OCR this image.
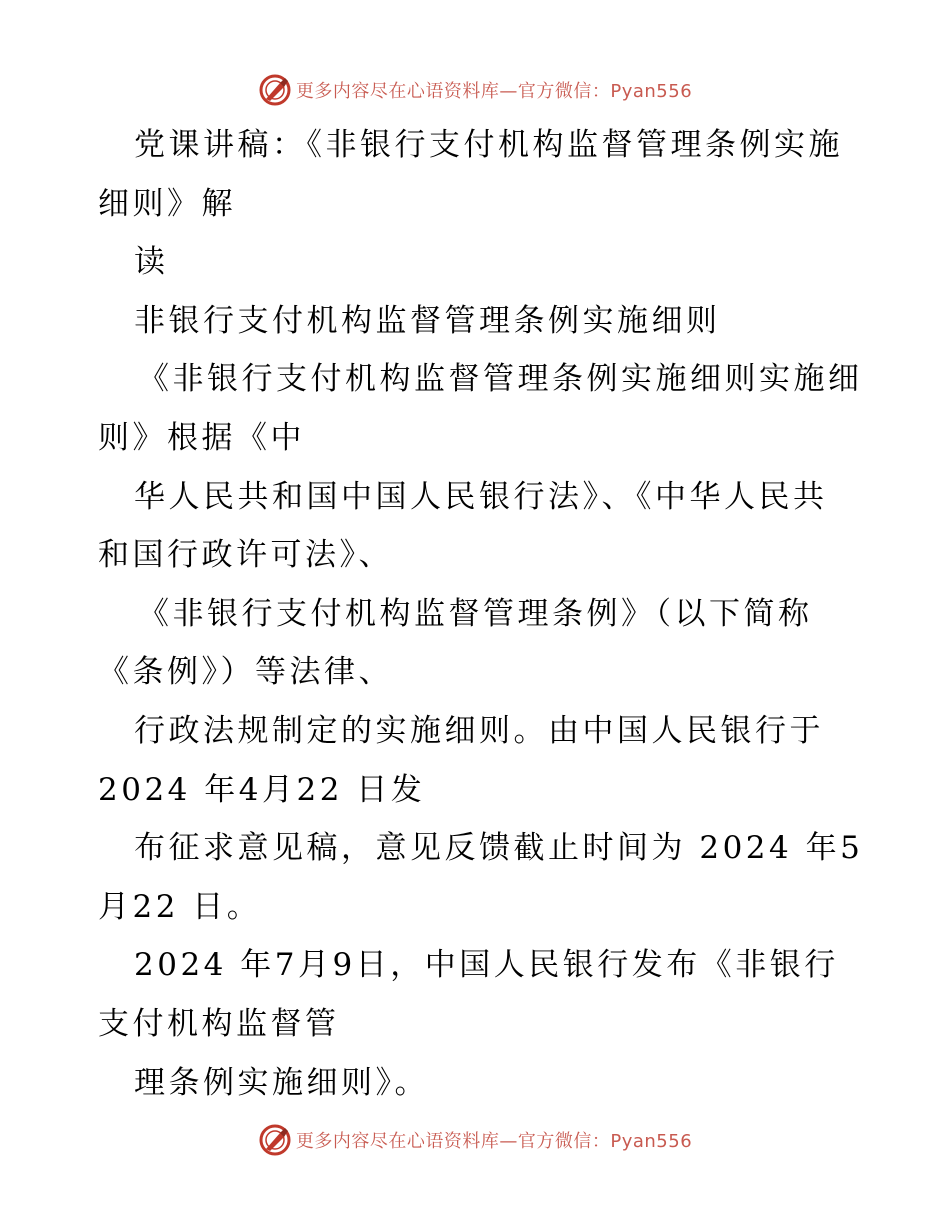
更多内容尽在心语资料库—官方微信：Pyan556
党课讲稿：《非银行支付机构监督管理条例实施
细则》解
读
非银行支付机构监督管理条例实施细则
《非银行支付机构监督管理条例实施细则实施细
则》根据《中
华人民共和国中国人民银行法》、《中华人民共
和国行政许可法》、
《非银行支付机构监督管理条例》（以下简称
《条例》）等法律、
行政法规制定的实施细则。由中国人民银行于
2024 年4月22 日发
布征求意见稿，意见反馈截止时间为 2024 年5
月22 日。
2024 年7月9日，中国人民银行发布《非银行
支付机构监督管
理条例实施细则》。
更多内容尽在心语资料库—官方微信：Pyan556
